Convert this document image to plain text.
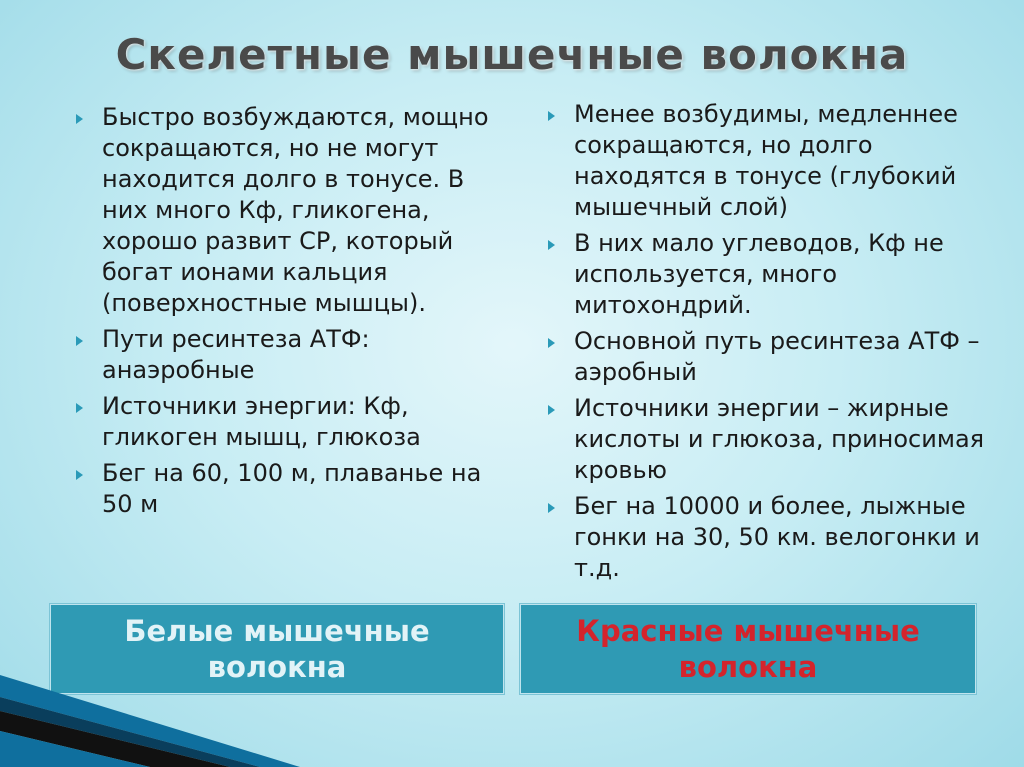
Скелетные мышечные волокна
Быстро возбуждаются, мощно сокращаются, но не могут находится долго в тонусе. В них много Кф, гликогена, хорошо развит СР, который богат ионами кальция (поверхностные мышцы).
Пути ресинтеза АТФ: анаэробные
Источники энергии: Кф, гликоген мышц, глюкоза
Бег на 60, 100 м, плаванье на 50 м
Менее возбудимы, медленнее сокращаются, но долго находятся в тонусе (глубокий мышечный слой)
В них мало углеводов, Кф не используется, много митохондрий.
Основной путь ресинтеза АТФ – аэробный
Источники энергии – жирные кислоты и глюкоза, приносимая кровью
Бег на 10000 и более, лыжные гонки на 30, 50 км. велогонки и т.д.
Белые мышечные волокна
Красные мышечные волокна
